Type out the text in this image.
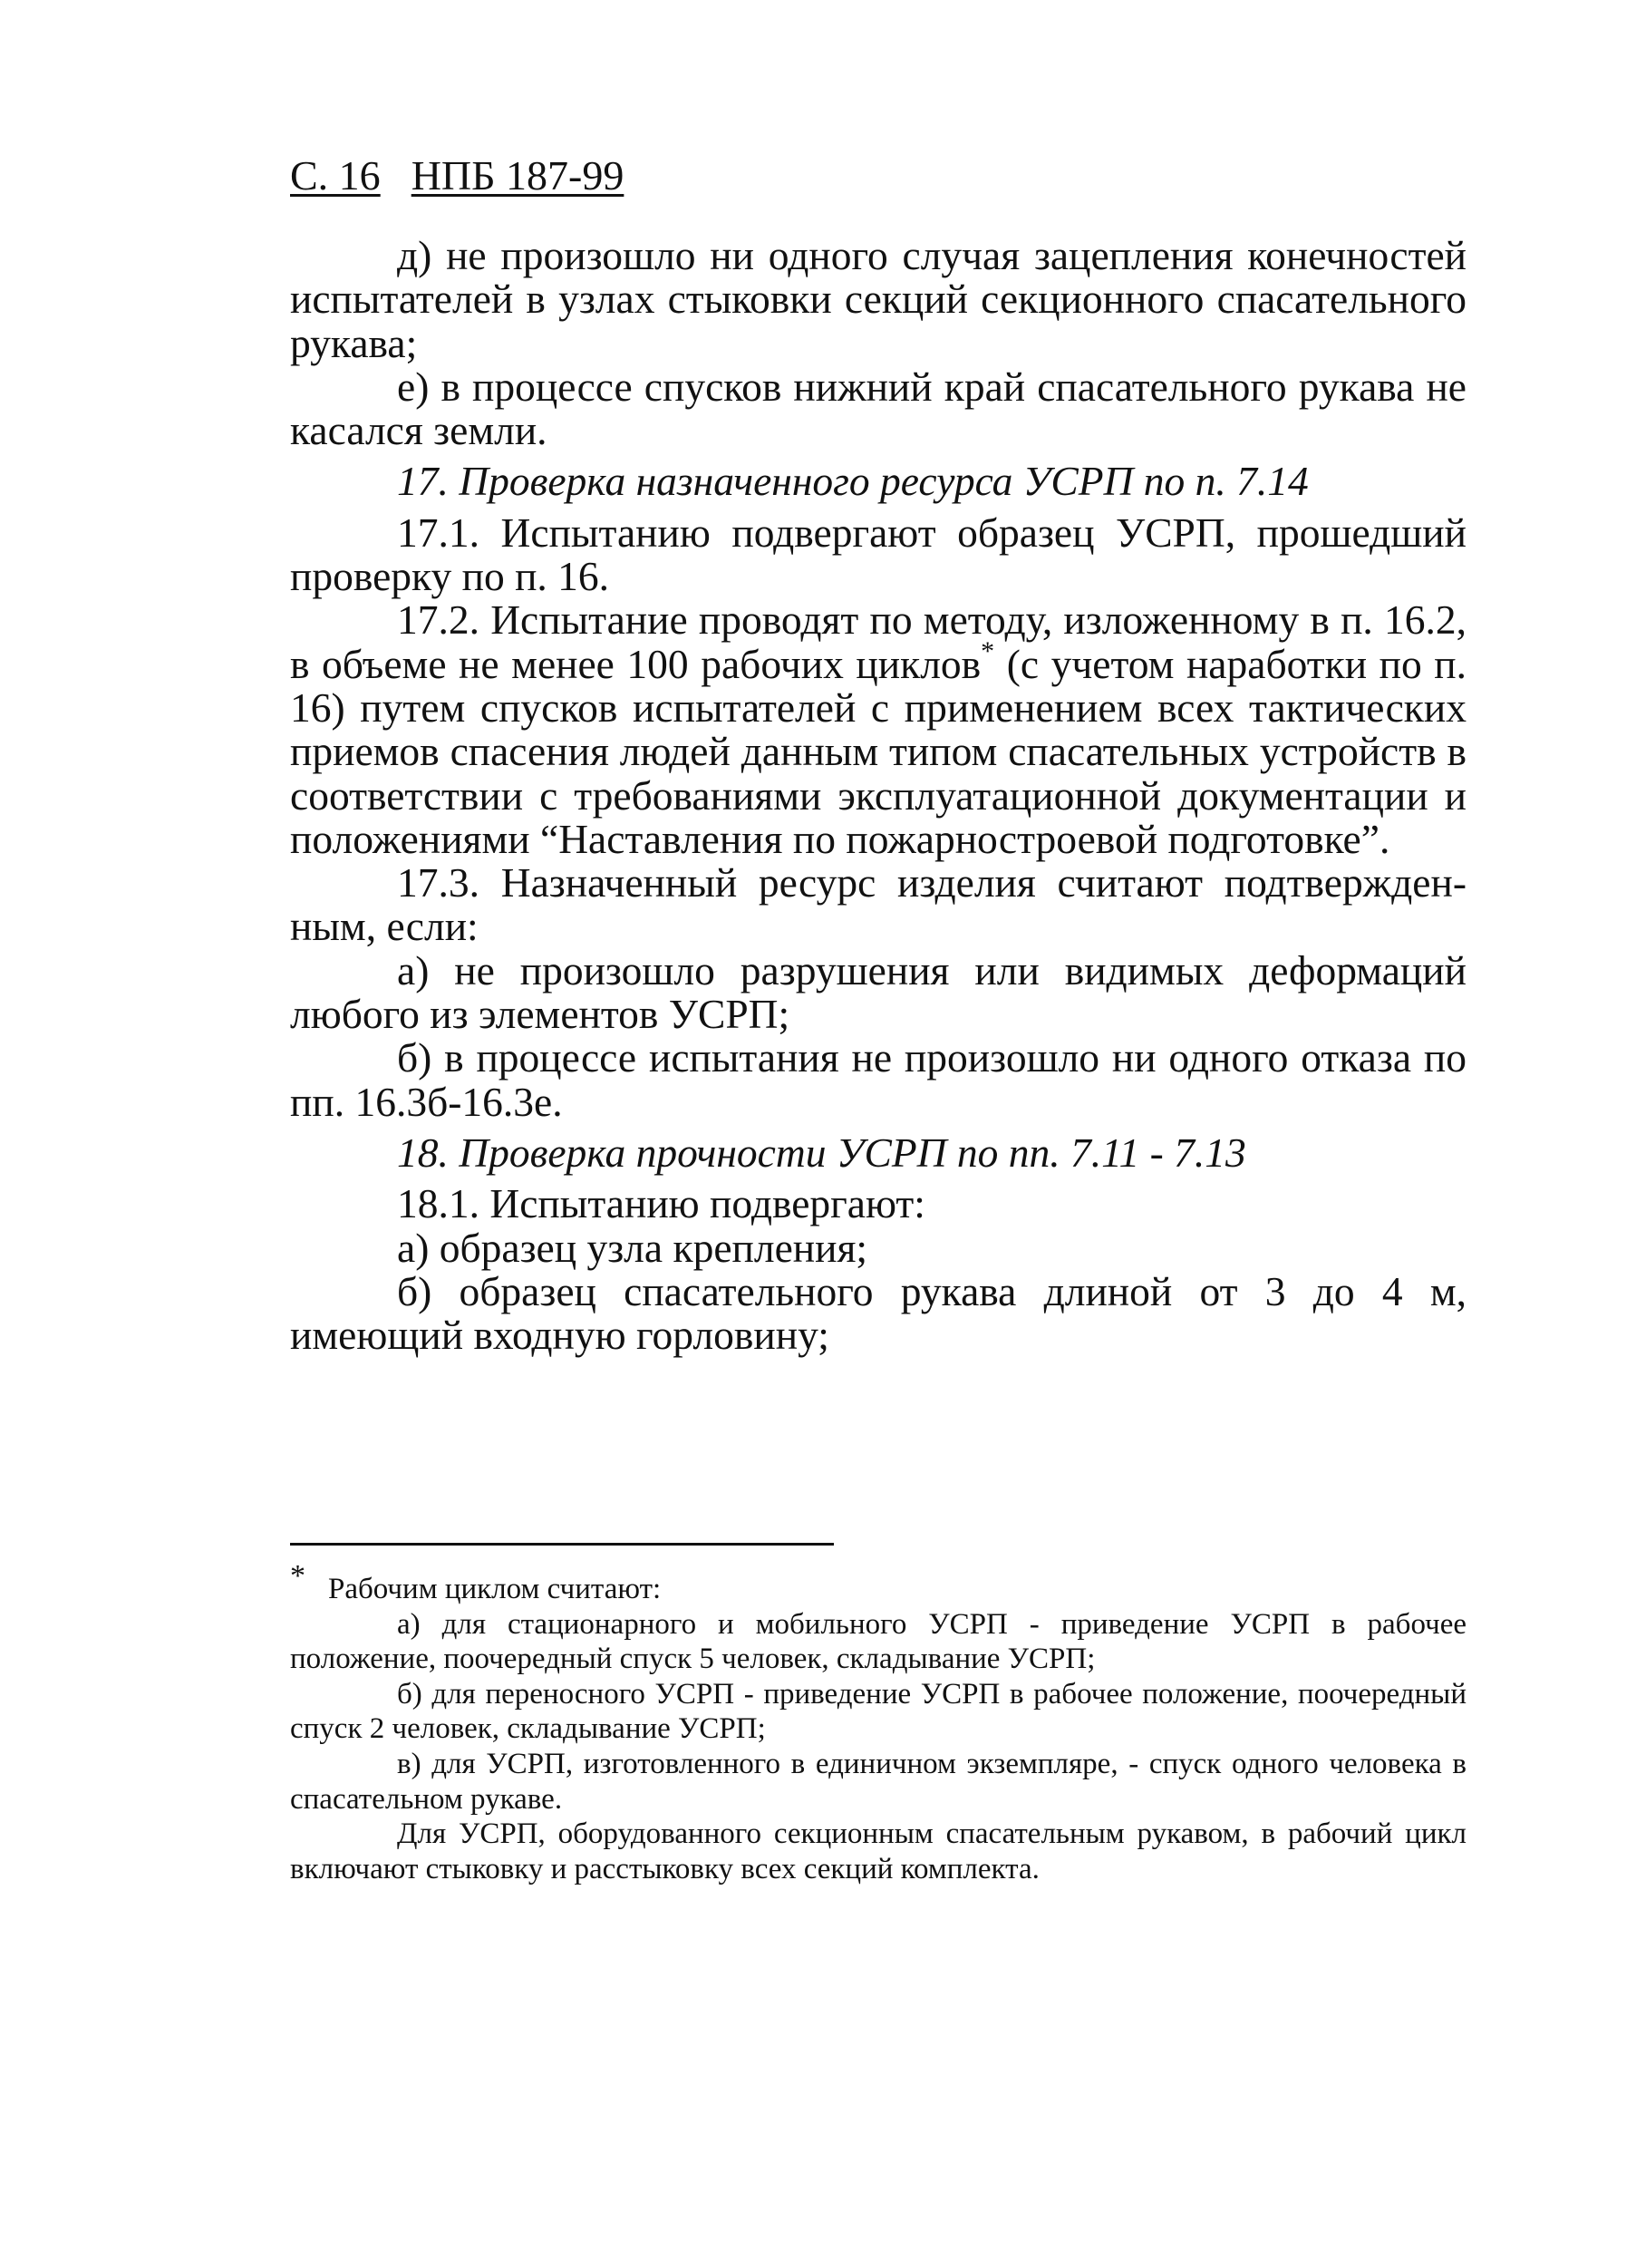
С. 16 НПБ 187-99

д) не произошло ни одного случая зацепления конечностей испытателей в узлах стыковки секций секционного спасательного рукава;

е) в процессе спусков нижний край спасательного рукава не касался земли.

17. Проверка назначенного ресурса УСРП по п. 7.14

17.1. Испытанию подвергают образец УСРП, прошедший проверку по п. 16.

17.2. Испытание проводят по методу, изложенному в п. 16.2, в объеме не менее 100 рабочих циклов* (с учетом наработки по п. 16) путем спусков испытателей с применением всех тактических приемов спасения людей данным типом спасательных устройств в соответствии с требованиями эксплуатационной документации и положениями “Наставления по пожарностроевой подготовке”.

17.3. Назначенный ресурс изделия считают подтвержденным, если:

а) не произошло разрушения или видимых деформаций любого из элементов УСРП;

б) в процессе испытания не произошло ни одного отказа по пп. 16.3б-16.3е.

18. Проверка прочности УСРП по пп. 7.11 - 7.13

18.1. Испытанию подвергают:

а) образец узла крепления;

б) образец спасательного рукава длиной от 3 до 4 м, имеющий входную горловину;

* Рабочим циклом считают:

а) для стационарного и мобильного УСРП - приведение УСРП в рабочее положение, поочередный спуск 5 человек, складывание УСРП;

б) для переносного УСРП - приведение УСРП в рабочее положение, поочередный спуск 2 человек, складывание УСРП;

в) для УСРП, изготовленного в единичном экземпляре, - спуск одного человека в спасательном рукаве.

Для УСРП, оборудованного секционным спасательным рукавом, в рабочий цикл включают стыковку и расстыковку всех секций комплекта.
